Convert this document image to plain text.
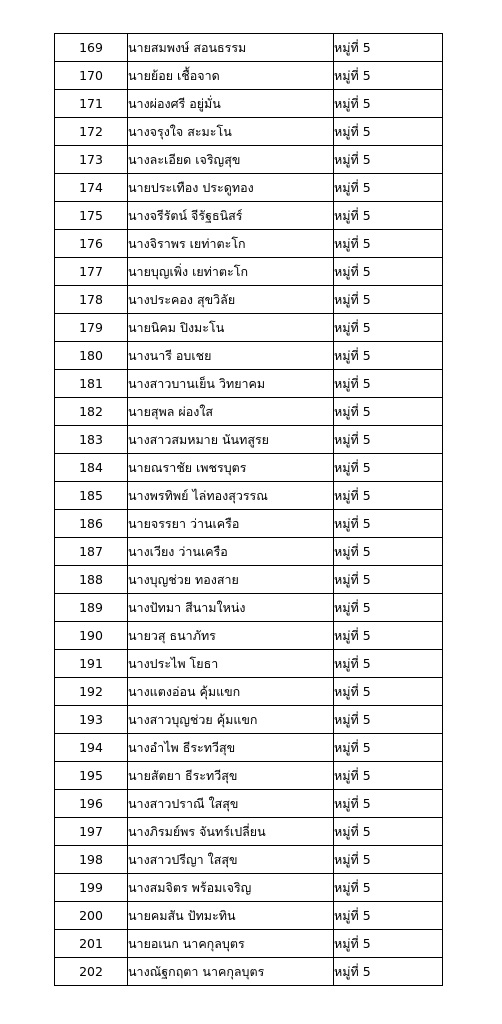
169	นายสมพงษ์ สอนธรรม	หมู่ที่ 5
170	นายย้อย เชื้อจาด	หมู่ที่ 5
171	นางผ่องศรี อยู่มั่น	หมู่ที่ 5
172	นางจรุงใจ สะมะโน	หมู่ที่ 5
173	นางละเอียด เจริญสุข	หมู่ที่ 5
174	นายประเทือง ประดูทอง	หมู่ที่ 5
175	นางจรีรัตน์ จีรัฐธนิสร์	หมู่ที่ 5
176	นางจิราพร เยท่าตะโก	หมู่ที่ 5
177	นายบุญเพิ่ง เยท่าตะโก	หมู่ที่ 5
178	นางประคอง สุขวิลัย	หมู่ที่ 5
179	นายนิคม ปิงมะโน	หมู่ที่ 5
180	นางนารี อบเชย	หมู่ที่ 5
181	นางสาวบานเย็น วิทยาคม	หมู่ที่ 5
182	นายสุพล ผ่องใส	หมู่ที่ 5
183	นางสาวสมหมาย นันทสูรย	หมู่ที่ 5
184	นายณราชัย เพชรบุตร	หมู่ที่ 5
185	นางพรทิพย์ ไล่ทองสุวรรณ	หมู่ที่ 5
186	นายจรรยา ว่านเครือ	หมู่ที่ 5
187	นางเวียง ว่านเครือ	หมู่ที่ 5
188	นางบุญช่วย ทองสาย	หมู่ที่ 5
189	นางปัทมา สีนามใหน่ง	หมู่ที่ 5
190	นายวสุ ธนาภัทร	หมู่ที่ 5
191	นางประไพ โยธา	หมู่ที่ 5
192	นางแตงอ่อน คุ้มแขก	หมู่ที่ 5
193	นางสาวบุญช่วย คุ้มแขก	หมู่ที่ 5
194	นางอำไพ ธีระทวีสุข	หมู่ที่ 5
195	นายสัตยา ธีระทวีสุข	หมู่ที่ 5
196	นางสาวปราณี ใสสุข	หมู่ที่ 5
197	นางภิรมย์พร จันทร์เปลี่ยน	หมู่ที่ 5
198	นางสาวปรีญา ใสสุข	หมู่ที่ 5
199	นางสมจิตร พร้อมเจริญ	หมู่ที่ 5
200	นายคมสัน ปัทมะทิน	หมู่ที่ 5
201	นายอเนก นาคกุลบุตร	หมู่ที่ 5
202	นางณัฐกฤตา นาคกุลบุตร	หมู่ที่ 5
